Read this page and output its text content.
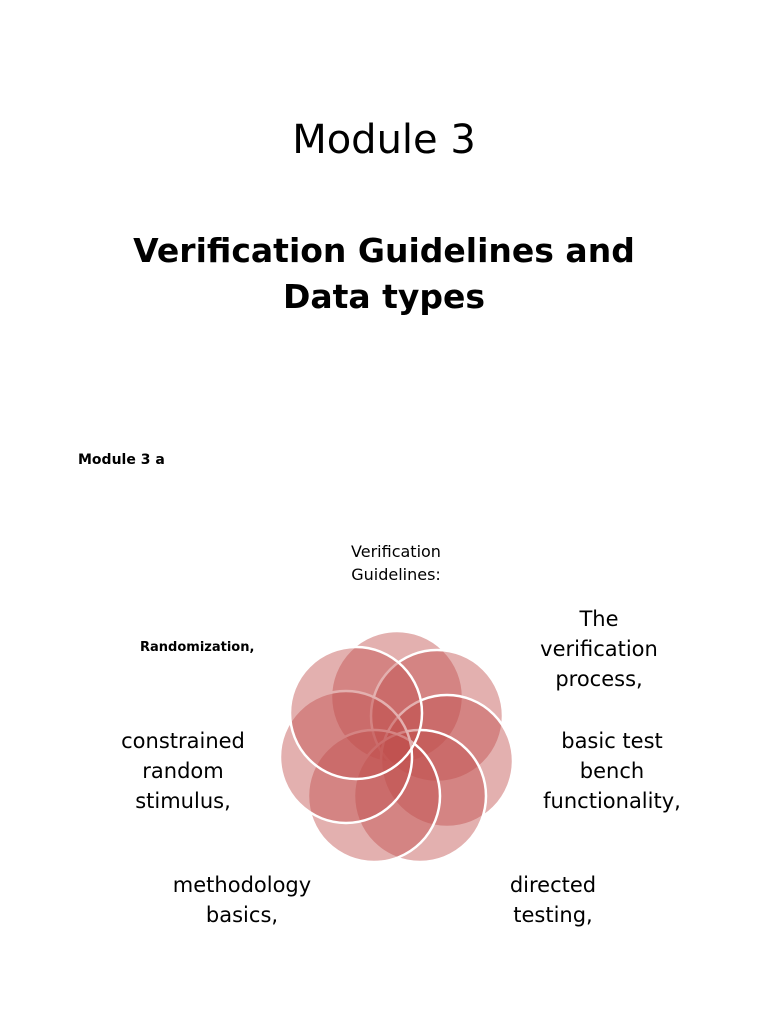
Module 3
Verification Guidelines and
Data types
Module 3 a
Verification
Guidelines:
The
verification
process,
basic test
bench
functionality,
directed
testing,
methodology
basics,
constrained
random
stimulus,
Randomization,
